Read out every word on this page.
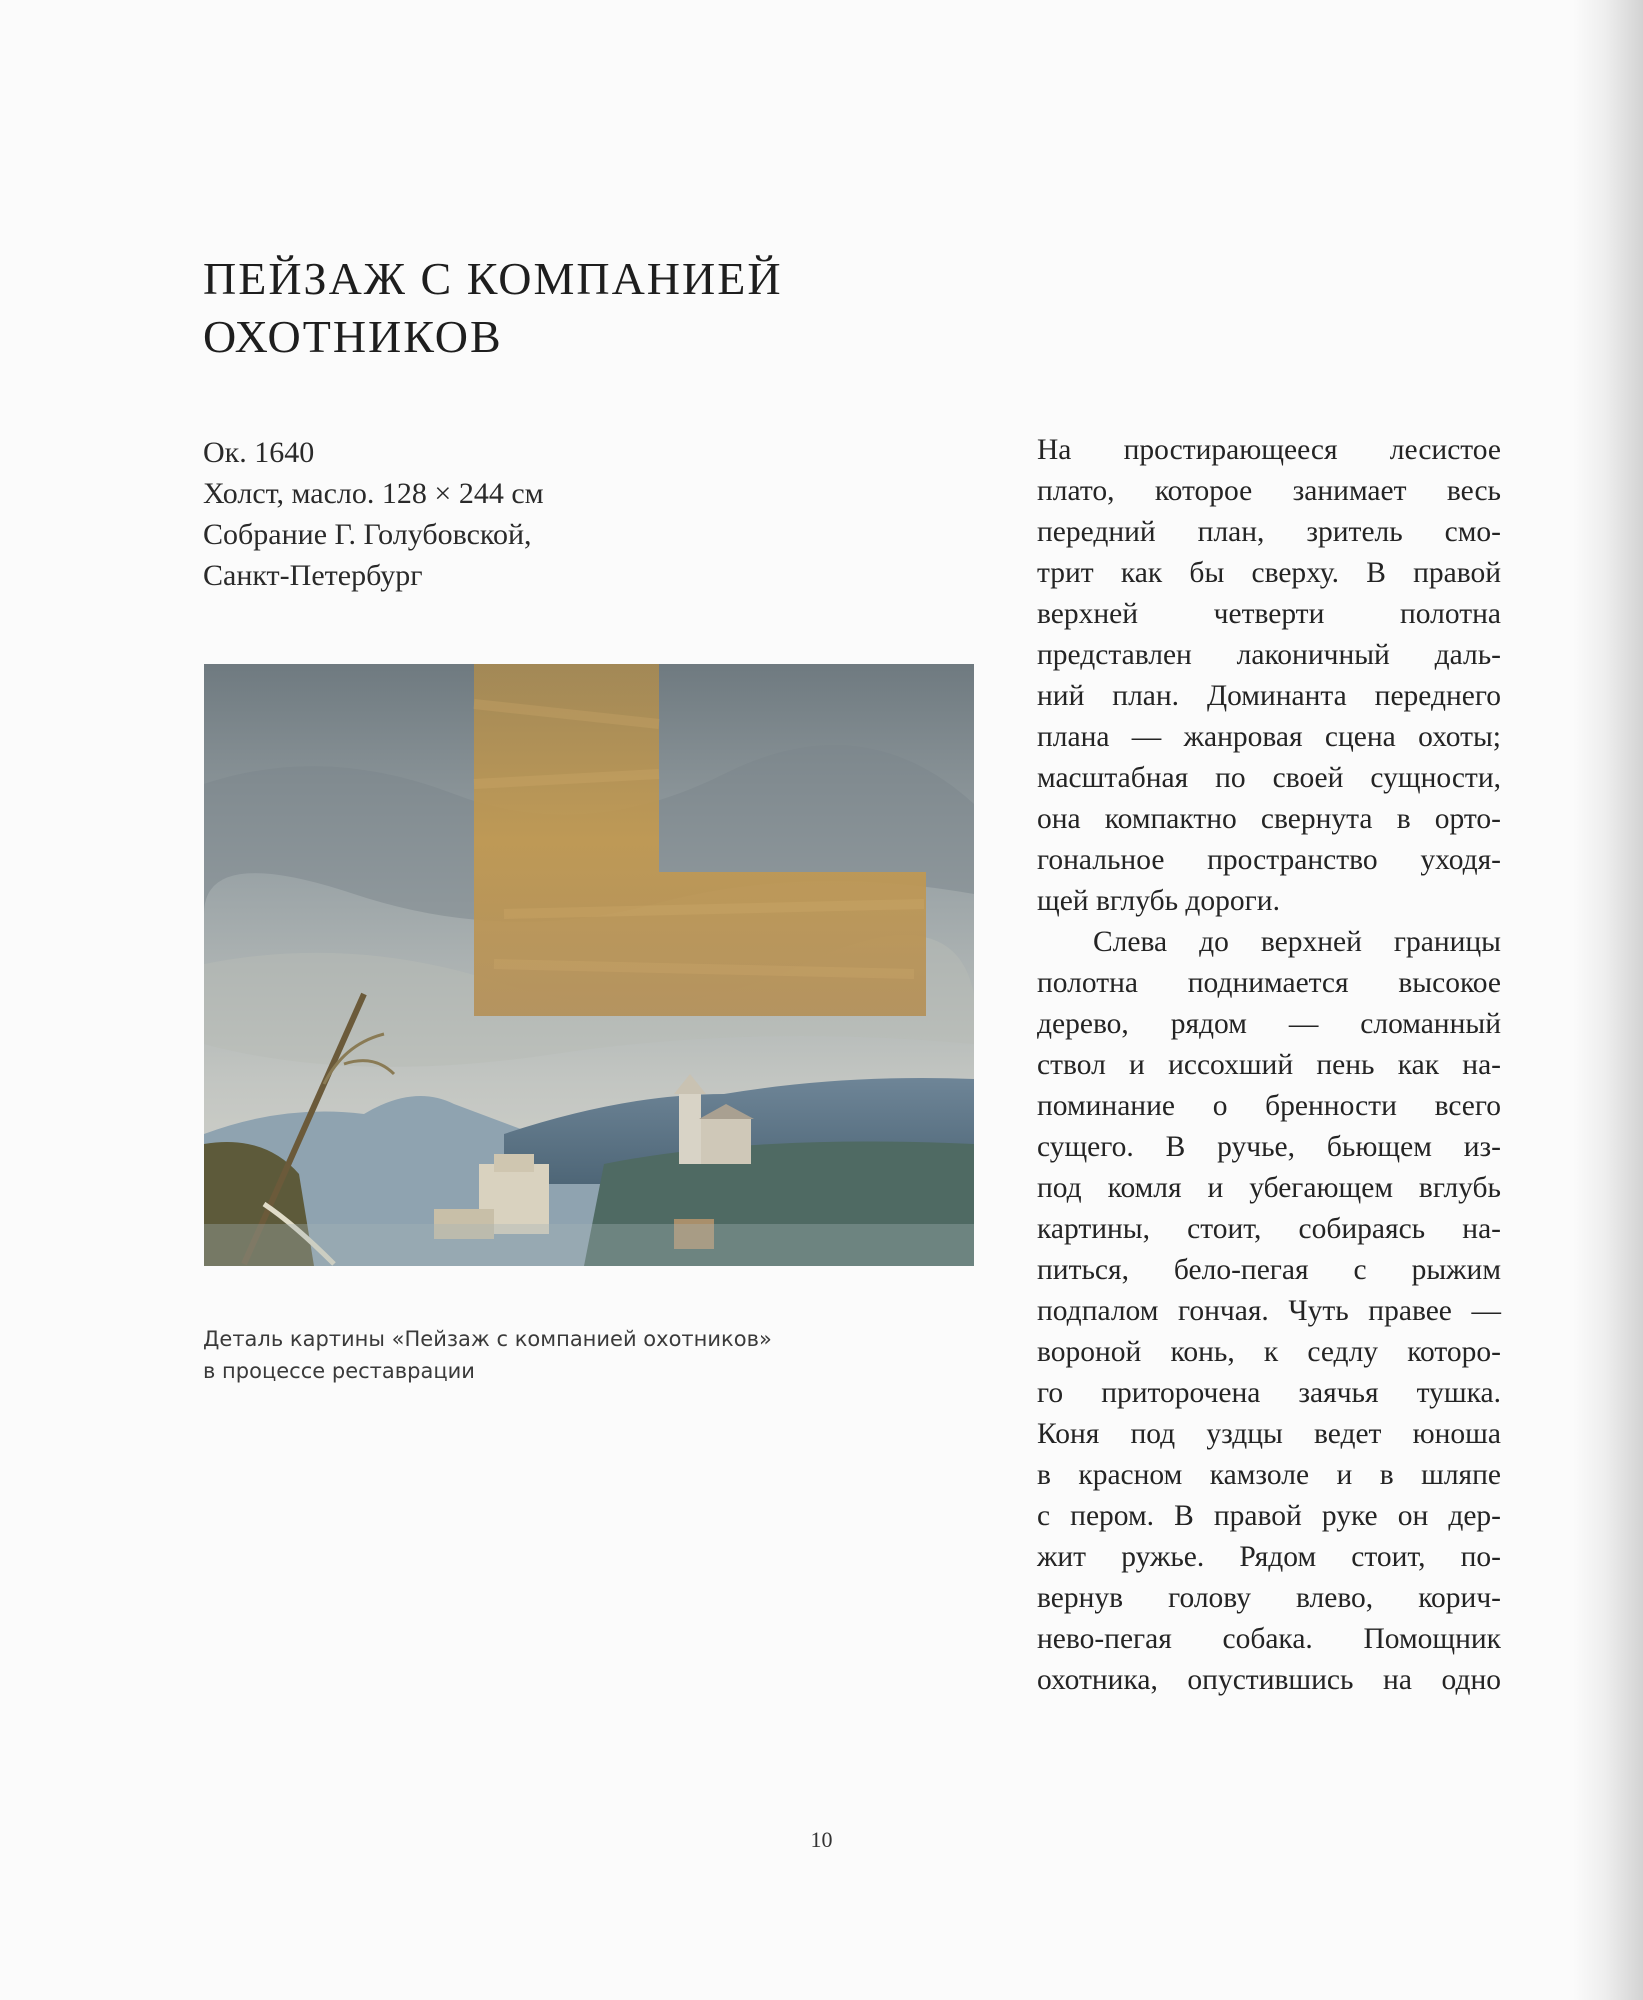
ПЕЙЗАЖ С КОМПАНИЕЙ
ОХОТНИКОВ
Ок. 1640
Холст, масло. 128 × 244 см
Собрание Г. Голубовской,
Санкт-Петербург
Деталь картины «Пейзаж с компанией охотников»
в процессе реставрации

На простирающееся лесистое
плато, которое занимает весь
передний план, зритель смо-
трит как бы сверху. В правой
верхней четверти полотна
представлен лаконичный даль-
ний план. Доминанта переднего
плана — жанровая сцена охоты;
масштабная по своей сущности,
она компактно свернута в орто-
гональное пространство уходя-
щей вглубь дороги.

Слева до верхней границы
полотна поднимается высокое
дерево, рядом — сломанный
ствол и иссохший пень как на-
поминание о бренности всего
сущего. В ручье, бьющем из-
под комля и убегающем вглубь
картины, стоит, собираясь на-
питься, бело-пегая с рыжим
подпалом гончая. Чуть правее —
вороной конь, к седлу которо-
го приторочена заячья тушка.
Коня под уздцы ведет юноша
в красном камзоле и в шляпе
с пером. В правой руке он дер-
жит ружье. Рядом стоит, по-
вернув голову влево, корич-
нево-пегая собака. Помощник
охотника, опустившись на одно

10
